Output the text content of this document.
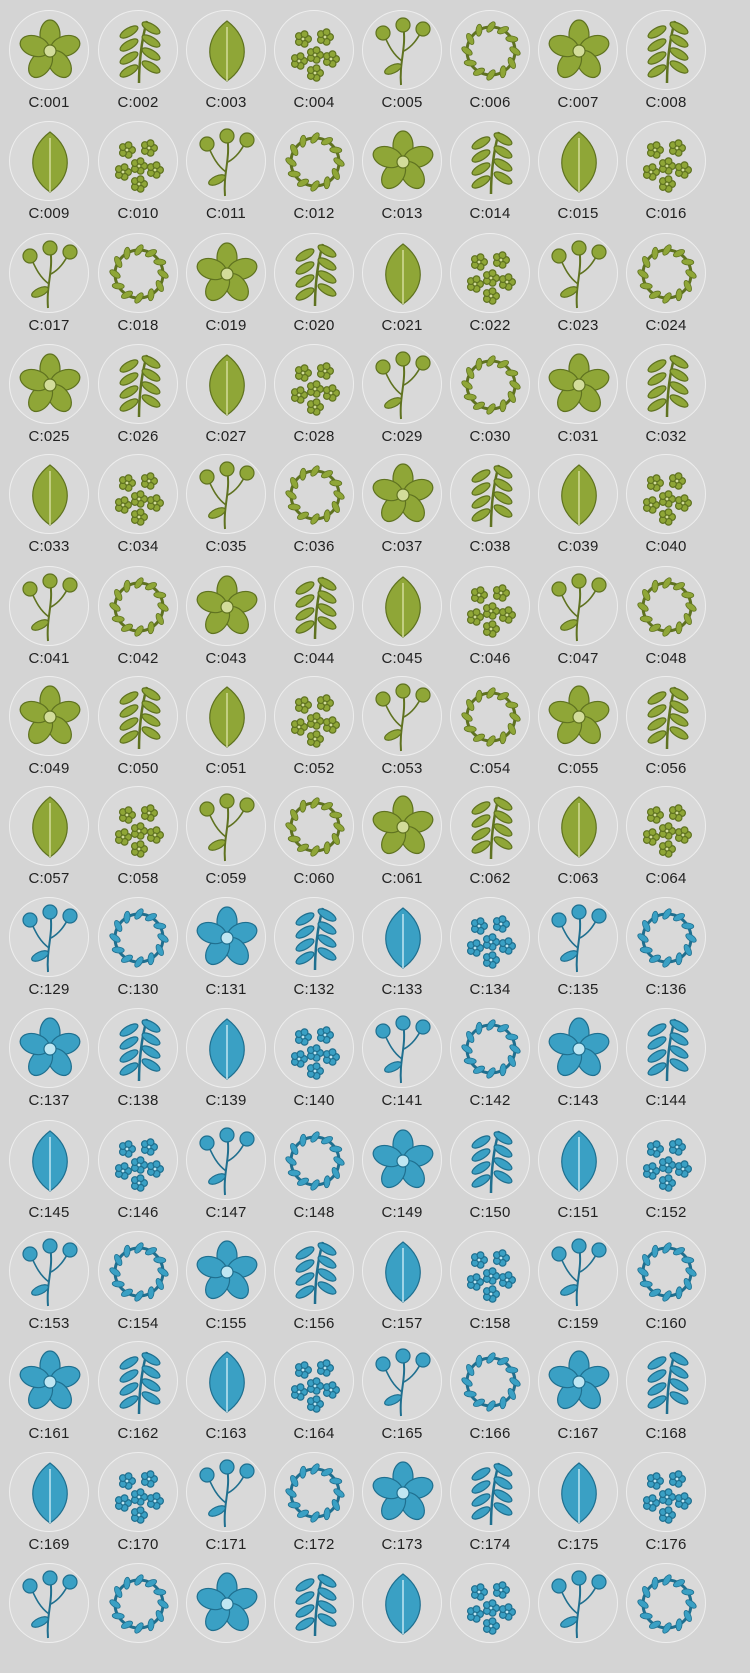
C:001	C:002	C:003	C:004	C:005	C:006	C:007	C:008
C:009	C:010	C:011	C:012	C:013	C:014	C:015	C:016
C:017	C:018	C:019	C:020	C:021	C:022	C:023	C:024
C:025	C:026	C:027	C:028	C:029	C:030	C:031	C:032
C:033	C:034	C:035	C:036	C:037	C:038	C:039	C:040
C:041	C:042	C:043	C:044	C:045	C:046	C:047	C:048
C:049	C:050	C:051	C:052	C:053	C:054	C:055	C:056
C:057	C:058	C:059	C:060	C:061	C:062	C:063	C:064
C:129	C:130	C:131	C:132	C:133	C:134	C:135	C:136
C:137	C:138	C:139	C:140	C:141	C:142	C:143	C:144
C:145	C:146	C:147	C:148	C:149	C:150	C:151	C:152
C:153	C:154	C:155	C:156	C:157	C:158	C:159	C:160
C:161	C:162	C:163	C:164	C:165	C:166	C:167	C:168
C:169	C:170	C:171	C:172	C:173	C:174	C:175	C:176
